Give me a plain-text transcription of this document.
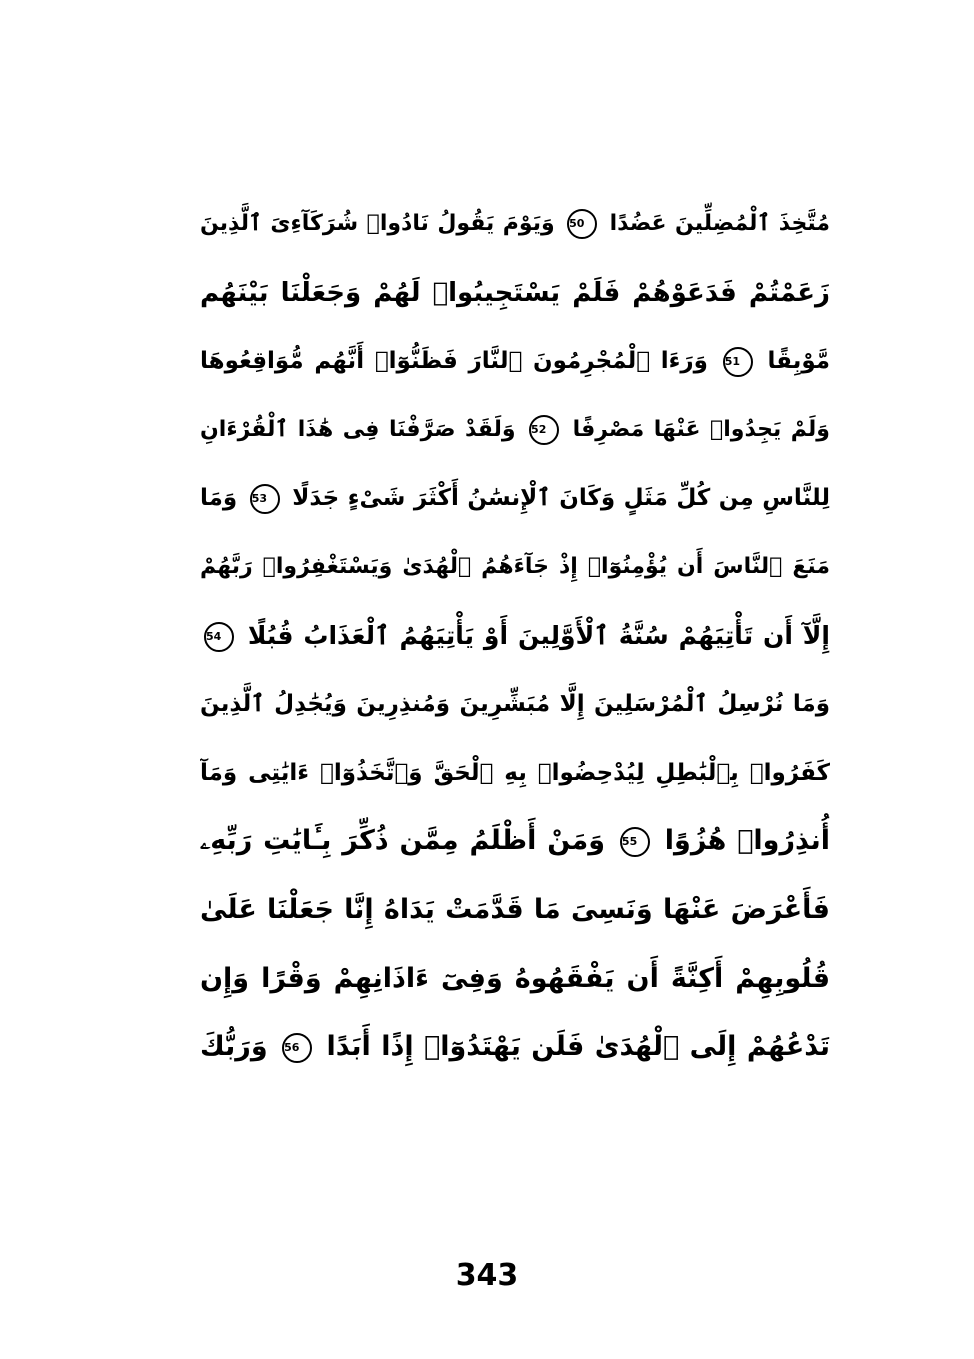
مُتَّخِذَ ٱلْمُضِلِّينَ عَضُدًا 50 وَيَوْمَ يَقُولُ نَادُوا۟ شُرَكَآءِىَ ٱلَّذِينَ
زَعَمْتُمْ فَدَعَوْهُمْ فَلَمْ يَسْتَجِيبُوا۟ لَهُمْ وَجَعَلْنَا بَيْنَهُم
مَّوْبِقًا 51 وَرَءَا ٱلْمُجْرِمُونَ ٱلنَّارَ فَظَنُّوٓا۟ أَنَّهُم مُّوَاقِعُوهَا
وَلَمْ يَجِدُوا۟ عَنْهَا مَصْرِفًا 52 وَلَقَدْ صَرَّفْنَا فِى هَٰذَا ٱلْقُرْءَانِ
لِلنَّاسِ مِن كُلِّ مَثَلٍ وَكَانَ ٱلْإِنسَٰنُ أَكْثَرَ شَىْءٍ جَدَلًا 53 وَمَا
مَنَعَ ٱلنَّاسَ أَن يُؤْمِنُوٓا۟ إِذْ جَآءَهُمُ ٱلْهُدَىٰ وَيَسْتَغْفِرُوا۟ رَبَّهُمْ
إِلَّآ أَن تَأْتِيَهُمْ سُنَّةُ ٱلْأَوَّلِينَ أَوْ يَأْتِيَهُمُ ٱلْعَذَابُ قُبُلًا 54
وَمَا نُرْسِلُ ٱلْمُرْسَلِينَ إِلَّا مُبَشِّرِينَ وَمُنذِرِينَ وَيُجَٰدِلُ ٱلَّذِينَ
كَفَرُوا۟ بِٱلْبَٰطِلِ لِيُدْحِضُوا۟ بِهِ ٱلْحَقَّ وَٱتَّخَذُوٓا۟ ءَايَٰتِى وَمَآ
أُنذِرُوا۟ هُزُوًا 55 وَمَنْ أَظْلَمُ مِمَّن ذُكِّرَ بِـَٔايَٰتِ رَبِّهِۦ
فَأَعْرَضَ عَنْهَا وَنَسِىَ مَا قَدَّمَتْ يَدَاهُ إِنَّا جَعَلْنَا عَلَىٰ
قُلُوبِهِمْ أَكِنَّةً أَن يَفْقَهُوهُ وَفِىٓ ءَاذَانِهِمْ وَقْرًا وَإِن
تَدْعُهُمْ إِلَى ٱلْهُدَىٰ فَلَن يَهْتَدُوٓا۟ إِذًا أَبَدًا 56 وَرَبُّكَ
343
